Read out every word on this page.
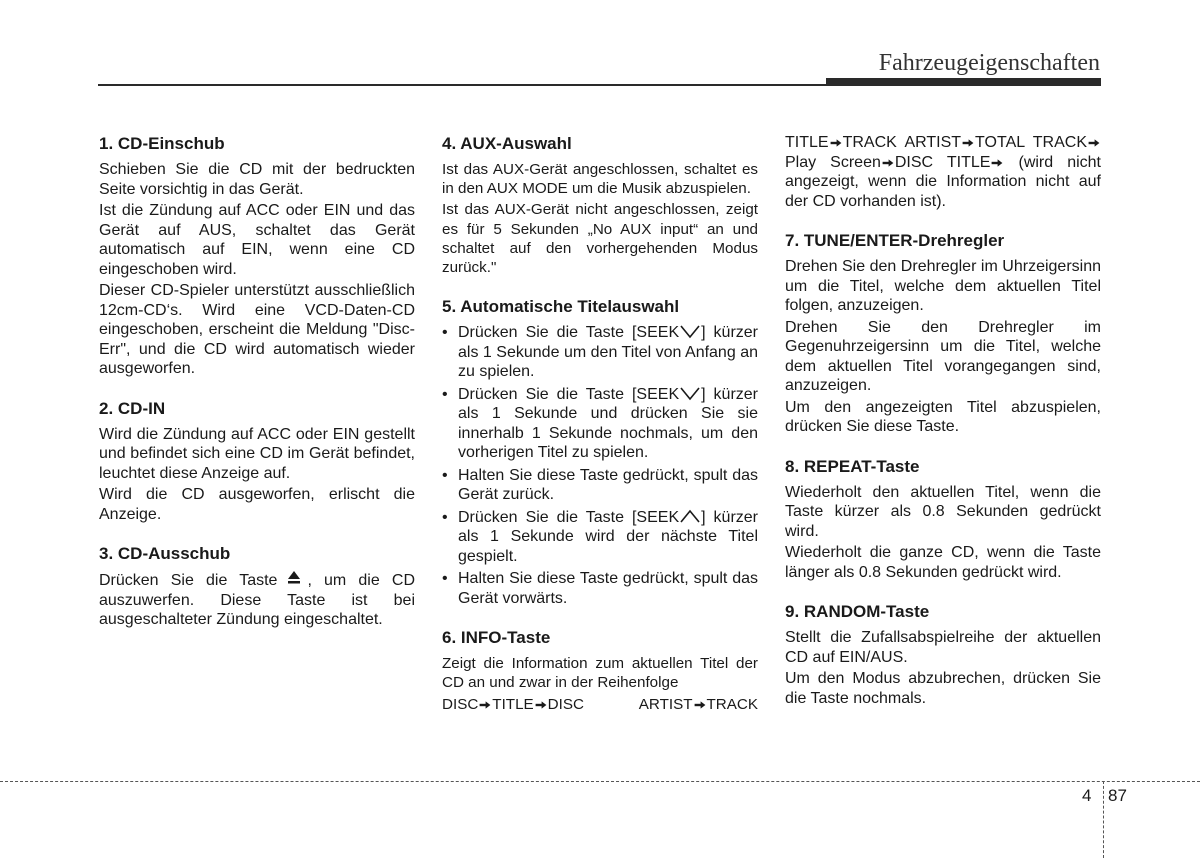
Fahrzeugeigenschaften
1. CD-Einschub

Schieben Sie die CD mit der bedruckten Seite vorsichtig in das Gerät.

Ist die Zündung auf ACC oder EIN und das Gerät auf AUS, schaltet das Gerät automatisch auf EIN, wenn eine CD eingeschoben wird.

Dieser CD-Spieler unterstützt ausschließlich 12cm-CD‘s. Wird eine VCD-Daten-CD eingeschoben, erscheint die Meldung "Disc-Err", und die CD wird automatisch wieder ausgeworfen.

2. CD-IN

Wird die Zündung auf ACC oder EIN gestellt und befindet sich eine CD im Gerät befindet, leuchtet diese Anzeige auf.

Wird die CD ausgeworfen, erlischt die Anzeige.

3. CD-Ausschub

Drücken Sie die Taste , um die CD auszuwerfen. Diese Taste ist bei ausgeschalteter Zündung eingeschaltet.

4. AUX-Auswahl

Ist das AUX-Gerät angeschlossen, schaltet es in den AUX MODE um die Musik abzuspielen.

Ist das AUX-Gerät nicht angeschlossen, zeigt es für 5 Sekunden „No AUX input“ an und schaltet auf den vorhergehenden Modus zurück."

5. Automatische Titelauswahl
• Drücken Sie die Taste [SEEK ] kürzer als 1 Sekunde um den Titel von Anfang an zu spielen.
• Drücken Sie die Taste [SEEK ] kürzer als 1 Sekunde und drücken Sie sie innerhalb 1 Sekunde nochmals, um den vorherigen Titel zu spielen.
• Halten Sie diese Taste gedrückt, spult das Gerät zurück.
• Drücken Sie die Taste [SEEK ] kürzer als 1 Sekunde wird der nächste Titel gespielt.
• Halten Sie diese Taste gedrückt, spult das Gerät vorwärts.
6. INFO-Taste

Zeigt die Information zum aktuellen Titel der CD an und zwar in der Reihenfolge

DISC TITLE DISC ARTIST TRACK

TITLE TRACK ARTIST TOTAL TRACKPlay Screen DISC TITLE (wird nicht angezeigt, wenn die Information nicht auf der CD vorhanden ist).

7. TUNE/ENTER-Drehregler

Drehen Sie den Drehregler im Uhrzeigersinn um die Titel, welche dem aktuellen Titel folgen, anzuzeigen.

Drehen Sie den Drehregler im Gegenuhrzeigersinn um die Titel, welche dem aktuellen Titel vorangegangen sind, anzuzeigen.

Um den angezeigten Titel abzuspielen, drücken Sie diese Taste.

8. REPEAT-Taste

Wiederholt den aktuellen Titel, wenn die Taste kürzer als 0.8 Sekunden gedrückt wird.

Wiederholt die ganze CD, wenn die Taste länger als 0.8 Sekunden gedrückt wird.

9. RANDOM-Taste

Stellt die Zufallsabspielreihe der aktuellen CD auf EIN/AUS.

Um den Modus abzubrechen, drücken Sie die Taste nochmals.

4 87
